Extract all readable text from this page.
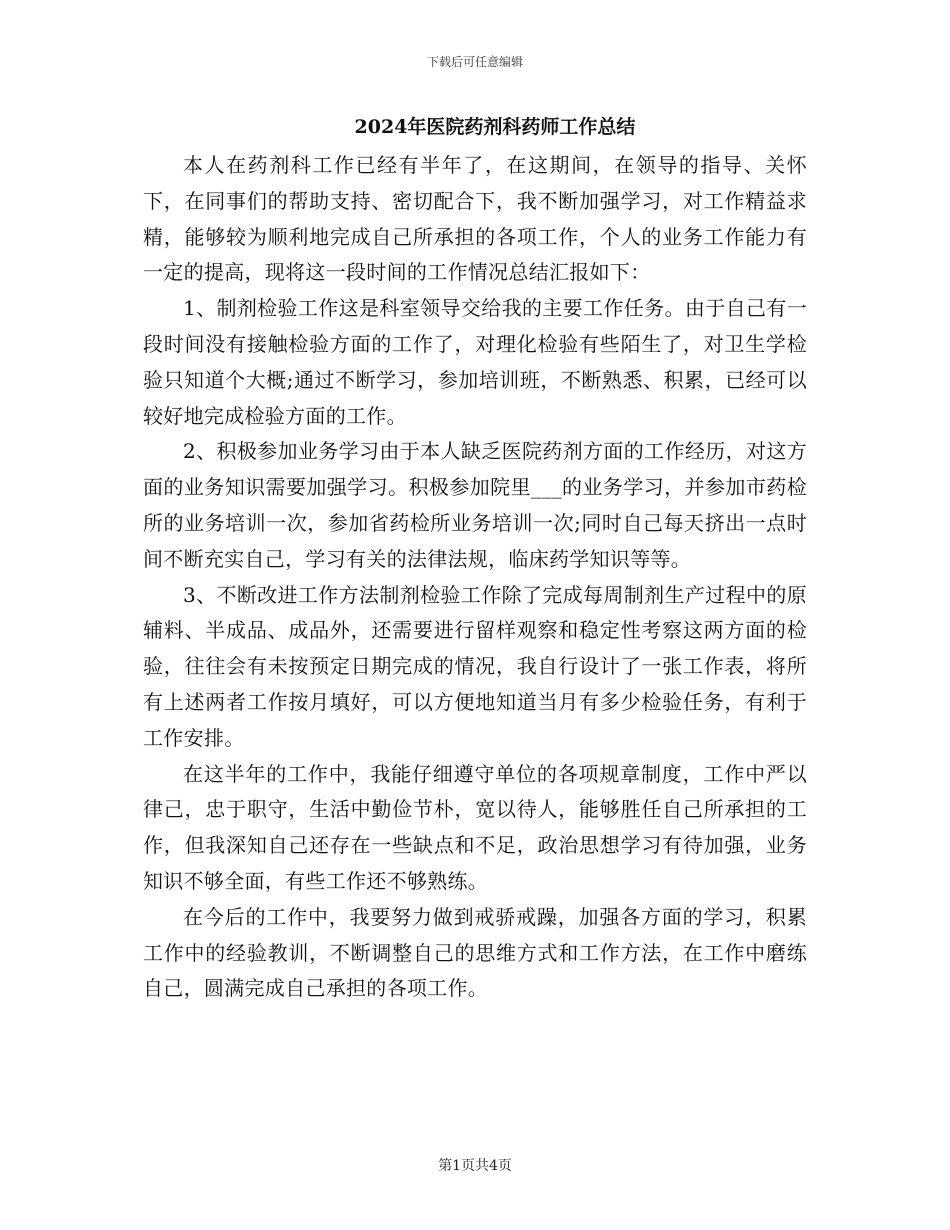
下载后可任意编辑
2024年医院药剂科药师工作总结

本人在药剂科工作已经有半年了，在这期间，在领导的指导、关怀下，在同事们的帮助支持、密切配合下，我不断加强学习，对工作精益求精，能够较为顺利地完成自己所承担的各项工作，个人的业务工作能力有一定的提高，现将这一段时间的工作情况总结汇报如下：

1、制剂检验工作这是科室领导交给我的主要工作任务。由于自己有一段时间没有接触检验方面的工作了，对理化检验有些陌生了，对卫生学检验只知道个大概;通过不断学习，参加培训班，不断熟悉、积累，已经可以较好地完成检验方面的工作。

2、积极参加业务学习由于本人缺乏医院药剂方面的工作经历，对这方面的业务知识需要加强学习。积极参加院里___的业务学习，并参加市药检所的业务培训一次，参加省药检所业务培训一次;同时自己每天挤出一点时间不断充实自己，学习有关的法律法规，临床药学知识等等。

3、不断改进工作方法制剂检验工作除了完成每周制剂生产过程中的原辅料、半成品、成品外，还需要进行留样观察和稳定性考察这两方面的检验，往往会有未按预定日期完成的情况，我自行设计了一张工作表，将所有上述两者工作按月填好，可以方便地知道当月有多少检验任务，有利于工作安排。

在这半年的工作中，我能仔细遵守单位的各项规章制度，工作中严以律己，忠于职守，生活中勤俭节朴，宽以待人，能够胜任自己所承担的工作，但我深知自己还存在一些缺点和不足，政治思想学习有待加强，业务知识不够全面，有些工作还不够熟练。

在今后的工作中，我要努力做到戒骄戒躁，加强各方面的学习，积累工作中的经验教训，不断调整自己的思维方式和工作方法，在工作中磨练自己，圆满完成自己承担的各项工作。

第1页共4页
